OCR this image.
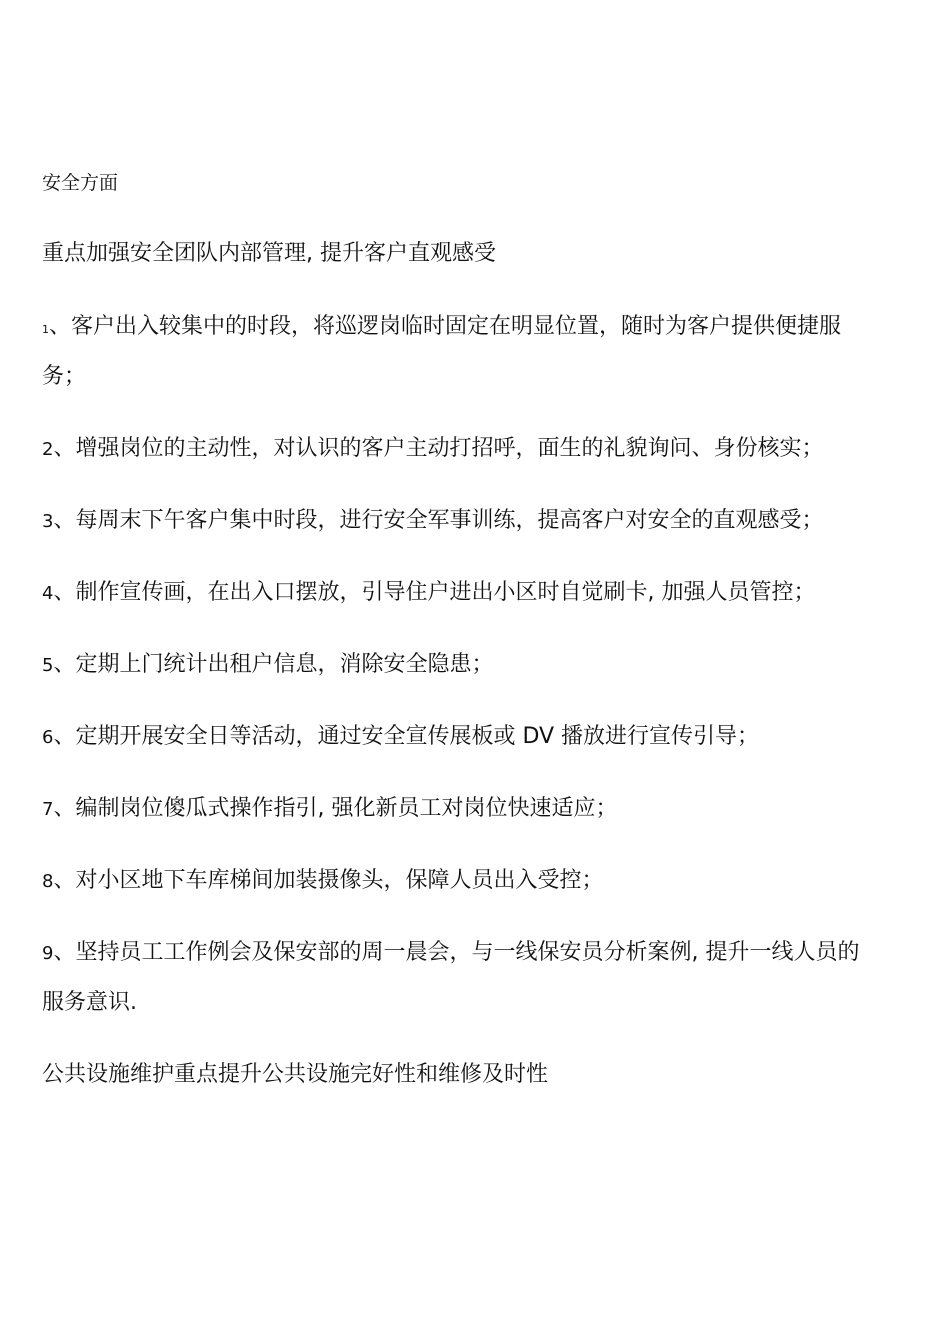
安全方面
重点加强安全团队内部管理, 提升客户直观感受
1、客户出入较集中的时段，将巡逻岗临时固定在明显位置，随时为客户提供便捷服
务；
2、增强岗位的主动性，对认识的客户主动打招呼，面生的礼貌询问、身份核实；
3、每周末下午客户集中时段，进行安全军事训练，提高客户对安全的直观感受；
4、制作宣传画，在出入口摆放，引导住户进出小区时自觉刷卡, 加强人员管控；
5、定期上门统计出租户信息，消除安全隐患；
6、定期开展安全日等活动，通过安全宣传展板或 DV 播放进行宣传引导；
7、编制岗位傻瓜式操作指引, 强化新员工对岗位快速适应；
8、对小区地下车库梯间加装摄像头，保障人员出入受控；
9、坚持员工工作例会及保安部的周一晨会，与一线保安员分析案例, 提升一线人员的
服务意识.
公共设施维护重点提升公共设施完好性和维修及时性
